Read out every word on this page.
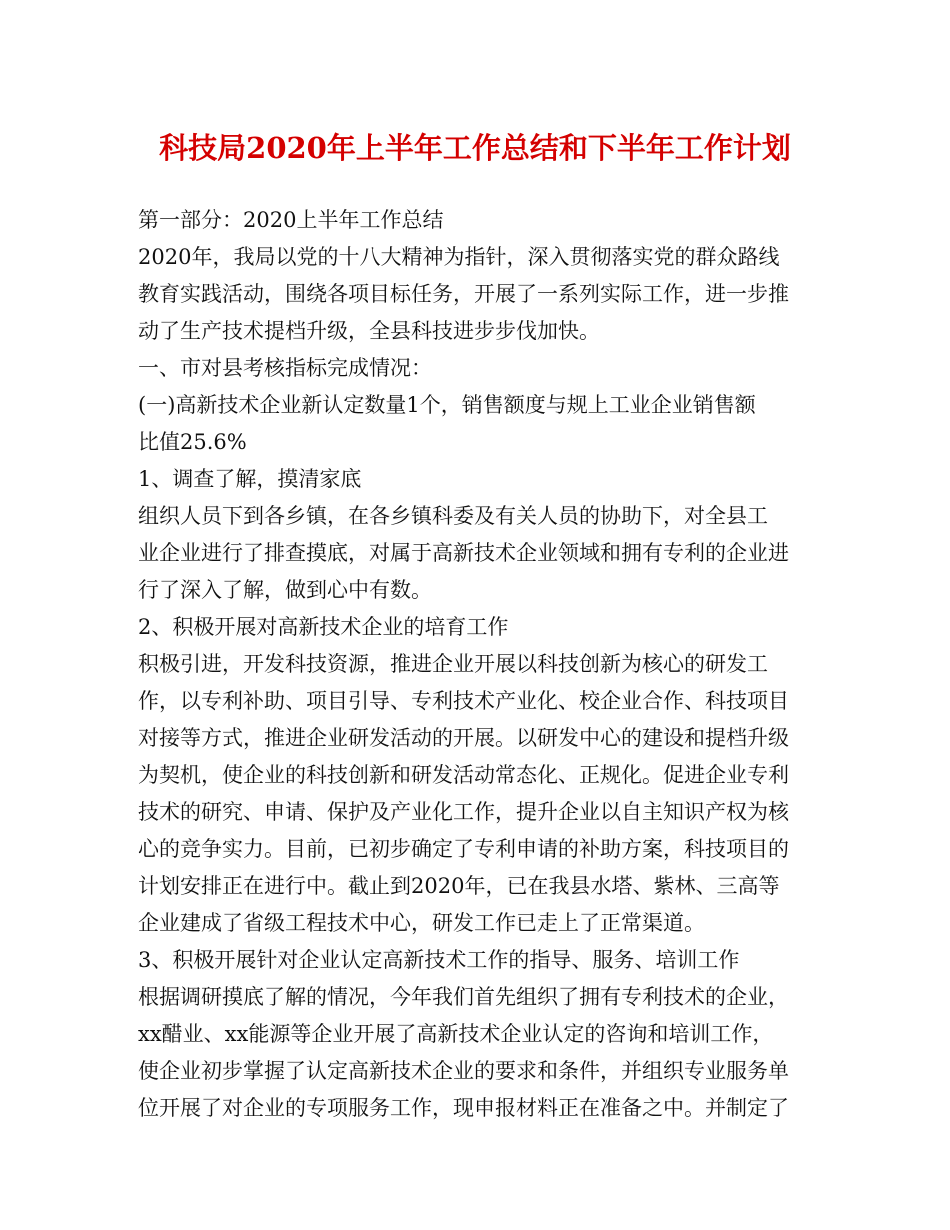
科技局2020年上半年工作总结和下半年工作计划
第一部分：2020上半年工作总结
2020年，我局以党的十八大精神为指针，深入贯彻落实党的群众路线
教育实践活动，围绕各项目标任务，开展了一系列实际工作，进一步推
动了生产技术提档升级，全县科技进步步伐加快。
一、市对县考核指标完成情况：
(一)高新技术企业新认定数量1个，销售额度与规上工业企业销售额
比值25.6%
1、调查了解，摸清家底
组织人员下到各乡镇，在各乡镇科委及有关人员的协助下，对全县工
业企业进行了排查摸底，对属于高新技术企业领域和拥有专利的企业进
行了深入了解，做到心中有数。
2、积极开展对高新技术企业的培育工作
积极引进，开发科技资源，推进企业开展以科技创新为核心的研发工
作，以专利补助、项目引导、专利技术产业化、校企业合作、科技项目
对接等方式，推进企业研发活动的开展。以研发中心的建设和提档升级
为契机，使企业的科技创新和研发活动常态化、正规化。促进企业专利
技术的研究、申请、保护及产业化工作，提升企业以自主知识产权为核
心的竞争实力。目前，已初步确定了专利申请的补助方案，科技项目的
计划安排正在进行中。截止到2020年，已在我县水塔、紫林、三高等
企业建成了省级工程技术中心，研发工作已走上了正常渠道。
3、积极开展针对企业认定高新技术工作的指导、服务、培训工作
根据调研摸底了解的情况，今年我们首先组织了拥有专利技术的企业，
xx醋业、xx能源等企业开展了高新技术企业认定的咨询和培训工作，
使企业初步掌握了认定高新技术企业的要求和条件，并组织专业服务单
位开展了对企业的专项服务工作，现申报材料正在准备之中。并制定了
